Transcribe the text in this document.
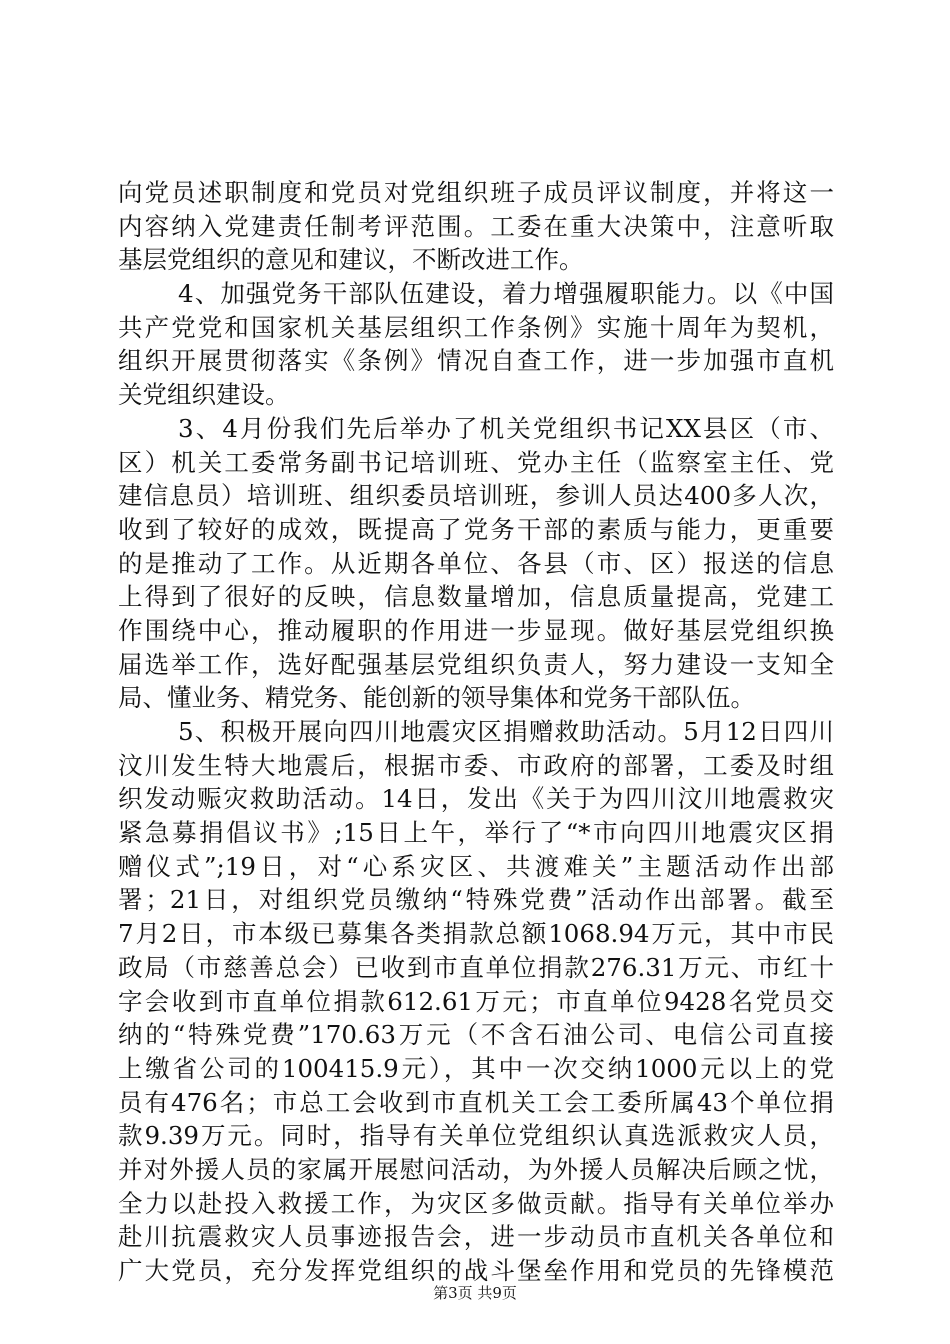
向党员述职制度和党员对党组织班子成员评议制度，并将这一
内容纳入党建责任制考评范围。工委在重大决策中，注意听取
基层党组织的意见和建议，不断改进工作。
4、加强党务干部队伍建设，着力增强履职能力。以《中国
共产党党和国家机关基层组织工作条例》实施十周年为契机，
组织开展贯彻落实《条例》情况自查工作，进一步加强市直机
关党组织建设。
3、4月份我们先后举办了机关党组织书记XX县区（市、
区）机关工委常务副书记培训班、党办主任（监察室主任、党
建信息员）培训班、组织委员培训班，参训人员达400多人次，
收到了较好的成效，既提高了党务干部的素质与能力，更重要
的是推动了工作。从近期各单位、各县（市、区）报送的信息
上得到了很好的反映，信息数量增加，信息质量提高，党建工
作围绕中心，推动履职的作用进一步显现。做好基层党组织换
届选举工作，选好配强基层党组织负责人，努力建设一支知全
局、懂业务、精党务、能创新的领导集体和党务干部队伍。
5、积极开展向四川地震灾区捐赠救助活动。5月12日四川
汶川发生特大地震后，根据市委、市政府的部署，工委及时组
织发动赈灾救助活动。14日，发出《关于为四川汶川地震救灾
紧急募捐倡议书》;15日上午，举行了“*市向四川地震灾区捐
赠仪式”;19日，对“心系灾区、共渡难关”主题活动作出部
署；21日，对组织党员缴纳“特殊党费”活动作出部署。截至
7月2日，市本级已募集各类捐款总额1068.94万元，其中市民
政局（市慈善总会）已收到市直单位捐款276.31万元、市红十
字会收到市直单位捐款612.61万元；市直单位9428名党员交
纳的“特殊党费”170.63万元（不含石油公司、电信公司直接
上缴省公司的100415.9元），其中一次交纳1000元以上的党
员有476名；市总工会收到市直机关工会工委所属43个单位捐
款9.39万元。同时，指导有关单位党组织认真选派救灾人员，
并对外援人员的家属开展慰问活动，为外援人员解决后顾之忧，
全力以赴投入救援工作，为灾区多做贡献。指导有关单位举办
赴川抗震救灾人员事迹报告会，进一步动员市直机关各单位和
广大党员，充分发挥党组织的战斗堡垒作用和党员的先锋模范
第3页 共9页
